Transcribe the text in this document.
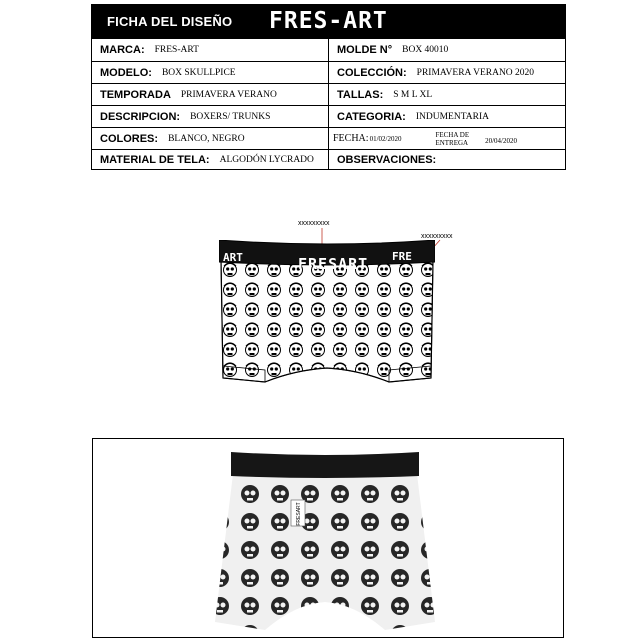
FICHA DEL DISEÑO FRES-ART
MARCA: FRES-ART	MOLDE N° BOX 40010
MODELO: BOX SKULLPICE	COLECCIÓN: PRIMAVERA VERANO 2020
TEMPORADA PRIMAVERA VERANO	TALLAS: S M L XL
DESCRIPCION: BOXERS/ TRUNKS	CATEGORIA: INDUMENTARIA
COLORES: BLANCO, NEGRO	FECHA: 01/02/2020	FECHA DE
ENTREGA 20/04/2020
MATERIAL DE TELA: ALGODÓN LYCRADO OBSERVACIONES:
xxxxxxxxx
xxxxxxxxx
FRESART FRE
ART
FRESART
